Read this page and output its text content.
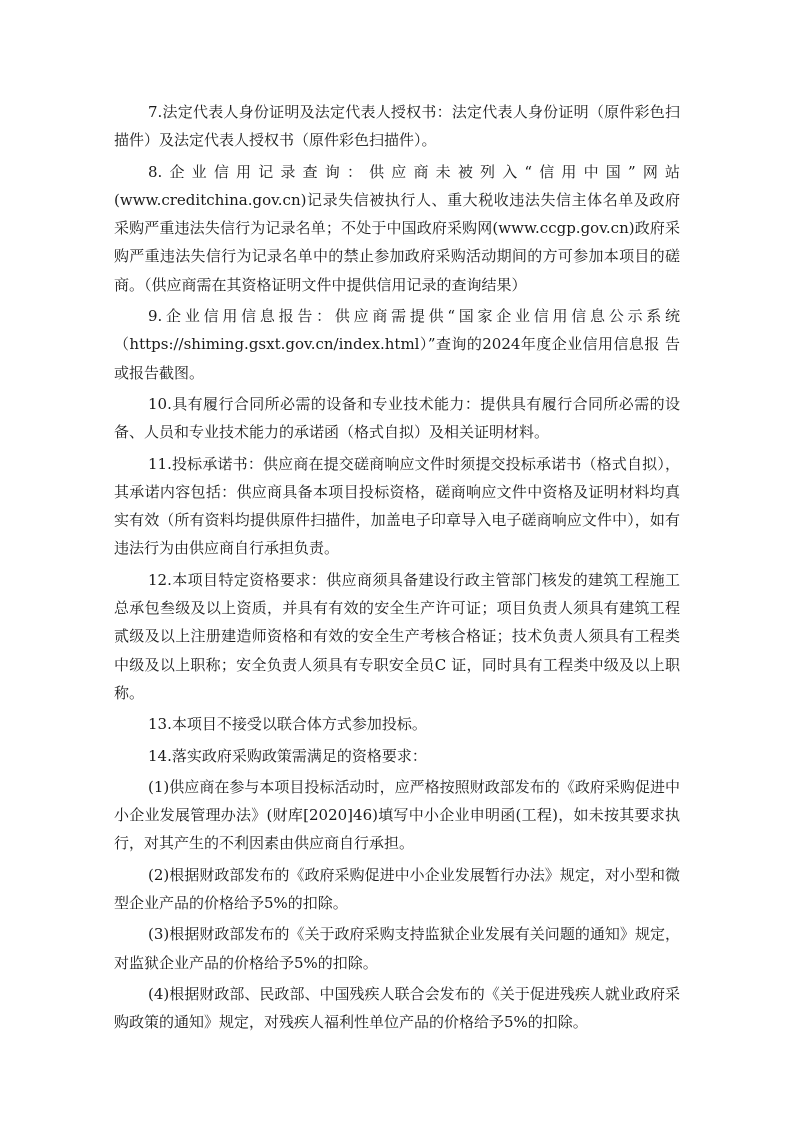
7.法定代表人身份证明及法定代表人授权书：法定代表人身份证明（原件彩色扫描件）及法定代表人授权书（原件彩色扫描件）。

8.企业信用记录查询：供应商未被列入“信用中国”网站(www.creditchina.gov.cn)记录失信被执行人、重大税收违法失信主体名单及政府采购严重违法失信行为记录名单；不处于中国政府采购网(www.ccgp.gov.cn)政府采购严重违法失信行为记录名单中的禁止参加政府采购活动期间的方可参加本项目的磋商。（供应商需在其资格证明文件中提供信用记录的查询结果）

9.企业信用信息报告：供应商需提供“国家企业信用信息公示系统（https://shiming.gsxt.gov.cn/index.html）”查询的2024年度企业信用信息报 告或报告截图。

10.具有履行合同所必需的设备和专业技术能力：提供具有履行合同所必需的设备、人员和专业技术能力的承诺函（格式自拟）及相关证明材料。

11.投标承诺书：供应商在提交磋商响应文件时须提交投标承诺书（格式自拟），其承诺内容包括：供应商具备本项目投标资格，磋商响应文件中资格及证明材料均真实有效（所有资料均提供原件扫描件，加盖电子印章导入电子磋商响应文件中），如有违法行为由供应商自行承担负责。

12.本项目特定资格要求：供应商须具备建设行政主管部门核发的建筑工程施工总承包叁级及以上资质，并具有有效的安全生产许可证；项目负责人须具有建筑工程贰级及以上注册建造师资格和有效的安全生产考核合格证；技术负责人须具有工程类中级及以上职称；安全负责人须具有专职安全员C 证，同时具有工程类中级及以上职称。

13.本项目不接受以联合体方式参加投标。

14.落实政府采购政策需满足的资格要求：

(1)供应商在参与本项目投标活动时，应严格按照财政部发布的《政府采购促进中小企业发展管理办法》(财库[2020]46)填写中小企业申明函(工程)，如未按其要求执行，对其产生的不利因素由供应商自行承担。

(2)根据财政部发布的《政府采购促进中小企业发展暂行办法》规定，对小型和微型企业产品的价格给予5%的扣除。

(3)根据财政部发布的《关于政府采购支持监狱企业发展有关问题的通知》规定，对监狱企业产品的价格给予5%的扣除。

(4)根据财政部、民政部、中国残疾人联合会发布的《关于促进残疾人就业政府采购政策的通知》规定，对残疾人福利性单位产品的价格给予5%的扣除。
